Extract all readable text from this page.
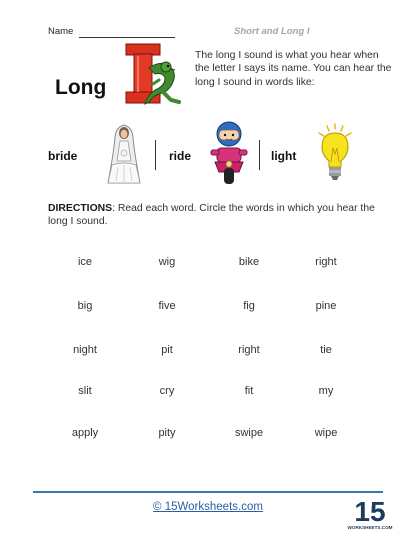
Name	Short and Long I
Long
The long I sound is what you hear when the letter I says its name. You can hear the long I sound in words like:
bride	ride	light
DIRECTIONS: Read each word. Circle the words in which you hear the long I sound.
ice	wig	bike	right
big	five	fig	pine
night	pit	right	tie
slit	cry	fit	my
apply	pity	swipe	wipe
© 15Worksheets.com	15
WORKSHEETS.COM
